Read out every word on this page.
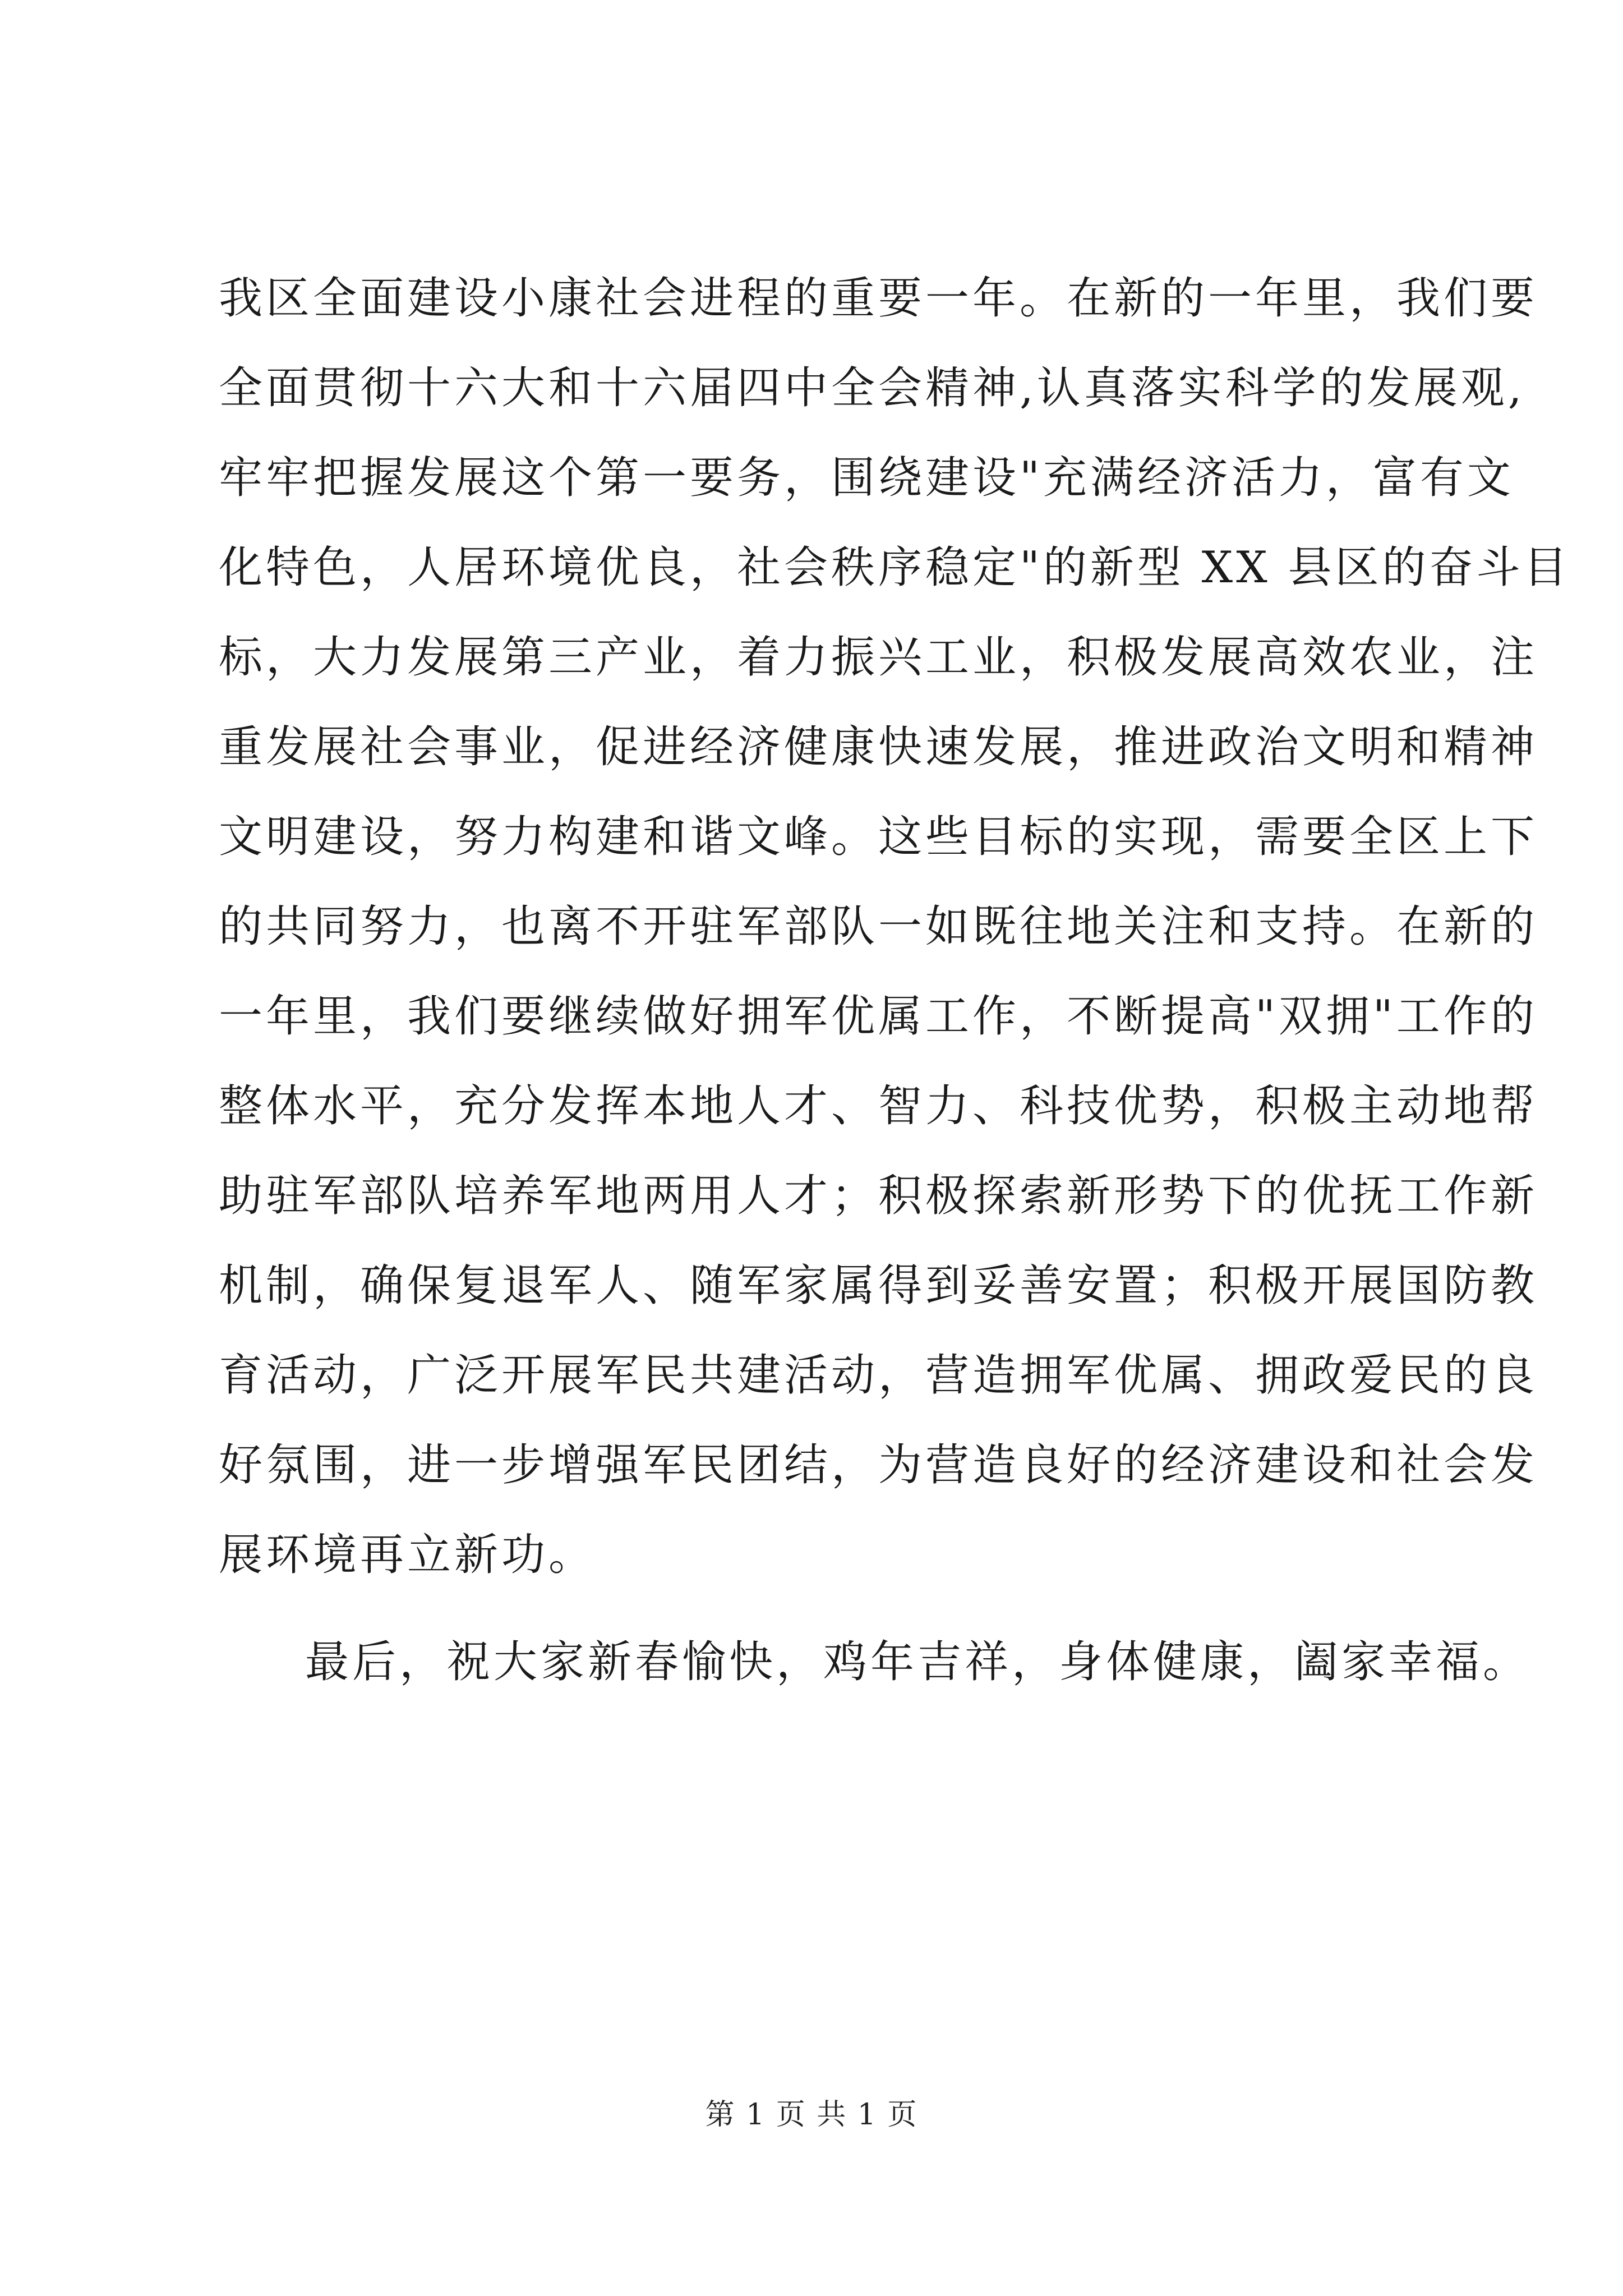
我区全面建设小康社会进程的重要一年。在新的一年里，我们要
全面贯彻十六大和十六届四中全会精神,认真落实科学的发展观,
牢牢把握发展这个第一要务，围绕建设"充满经济活力，富有文
化特色，人居环境优良，社会秩序稳定"的新型 XX 县区的奋斗目
标，大力发展第三产业，着力振兴工业，积极发展高效农业，注
重发展社会事业，促进经济健康快速发展，推进政治文明和精神
文明建设，努力构建和谐文峰。这些目标的实现，需要全区上下
的共同努力，也离不开驻军部队一如既往地关注和支持。在新的
一年里，我们要继续做好拥军优属工作，不断提高"双拥"工作的
整体水平，充分发挥本地人才、智力、科技优势，积极主动地帮
助驻军部队培养军地两用人才；积极探索新形势下的优抚工作新
机制，确保复退军人、随军家属得到妥善安置；积极开展国防教
育活动，广泛开展军民共建活动，营造拥军优属、拥政爱民的良
好氛围，进一步增强军民团结，为营造良好的经济建设和社会发
展环境再立新功。
最后，祝大家新春愉快，鸡年吉祥，身体健康，阖家幸福。
第 1 页 共 1 页
